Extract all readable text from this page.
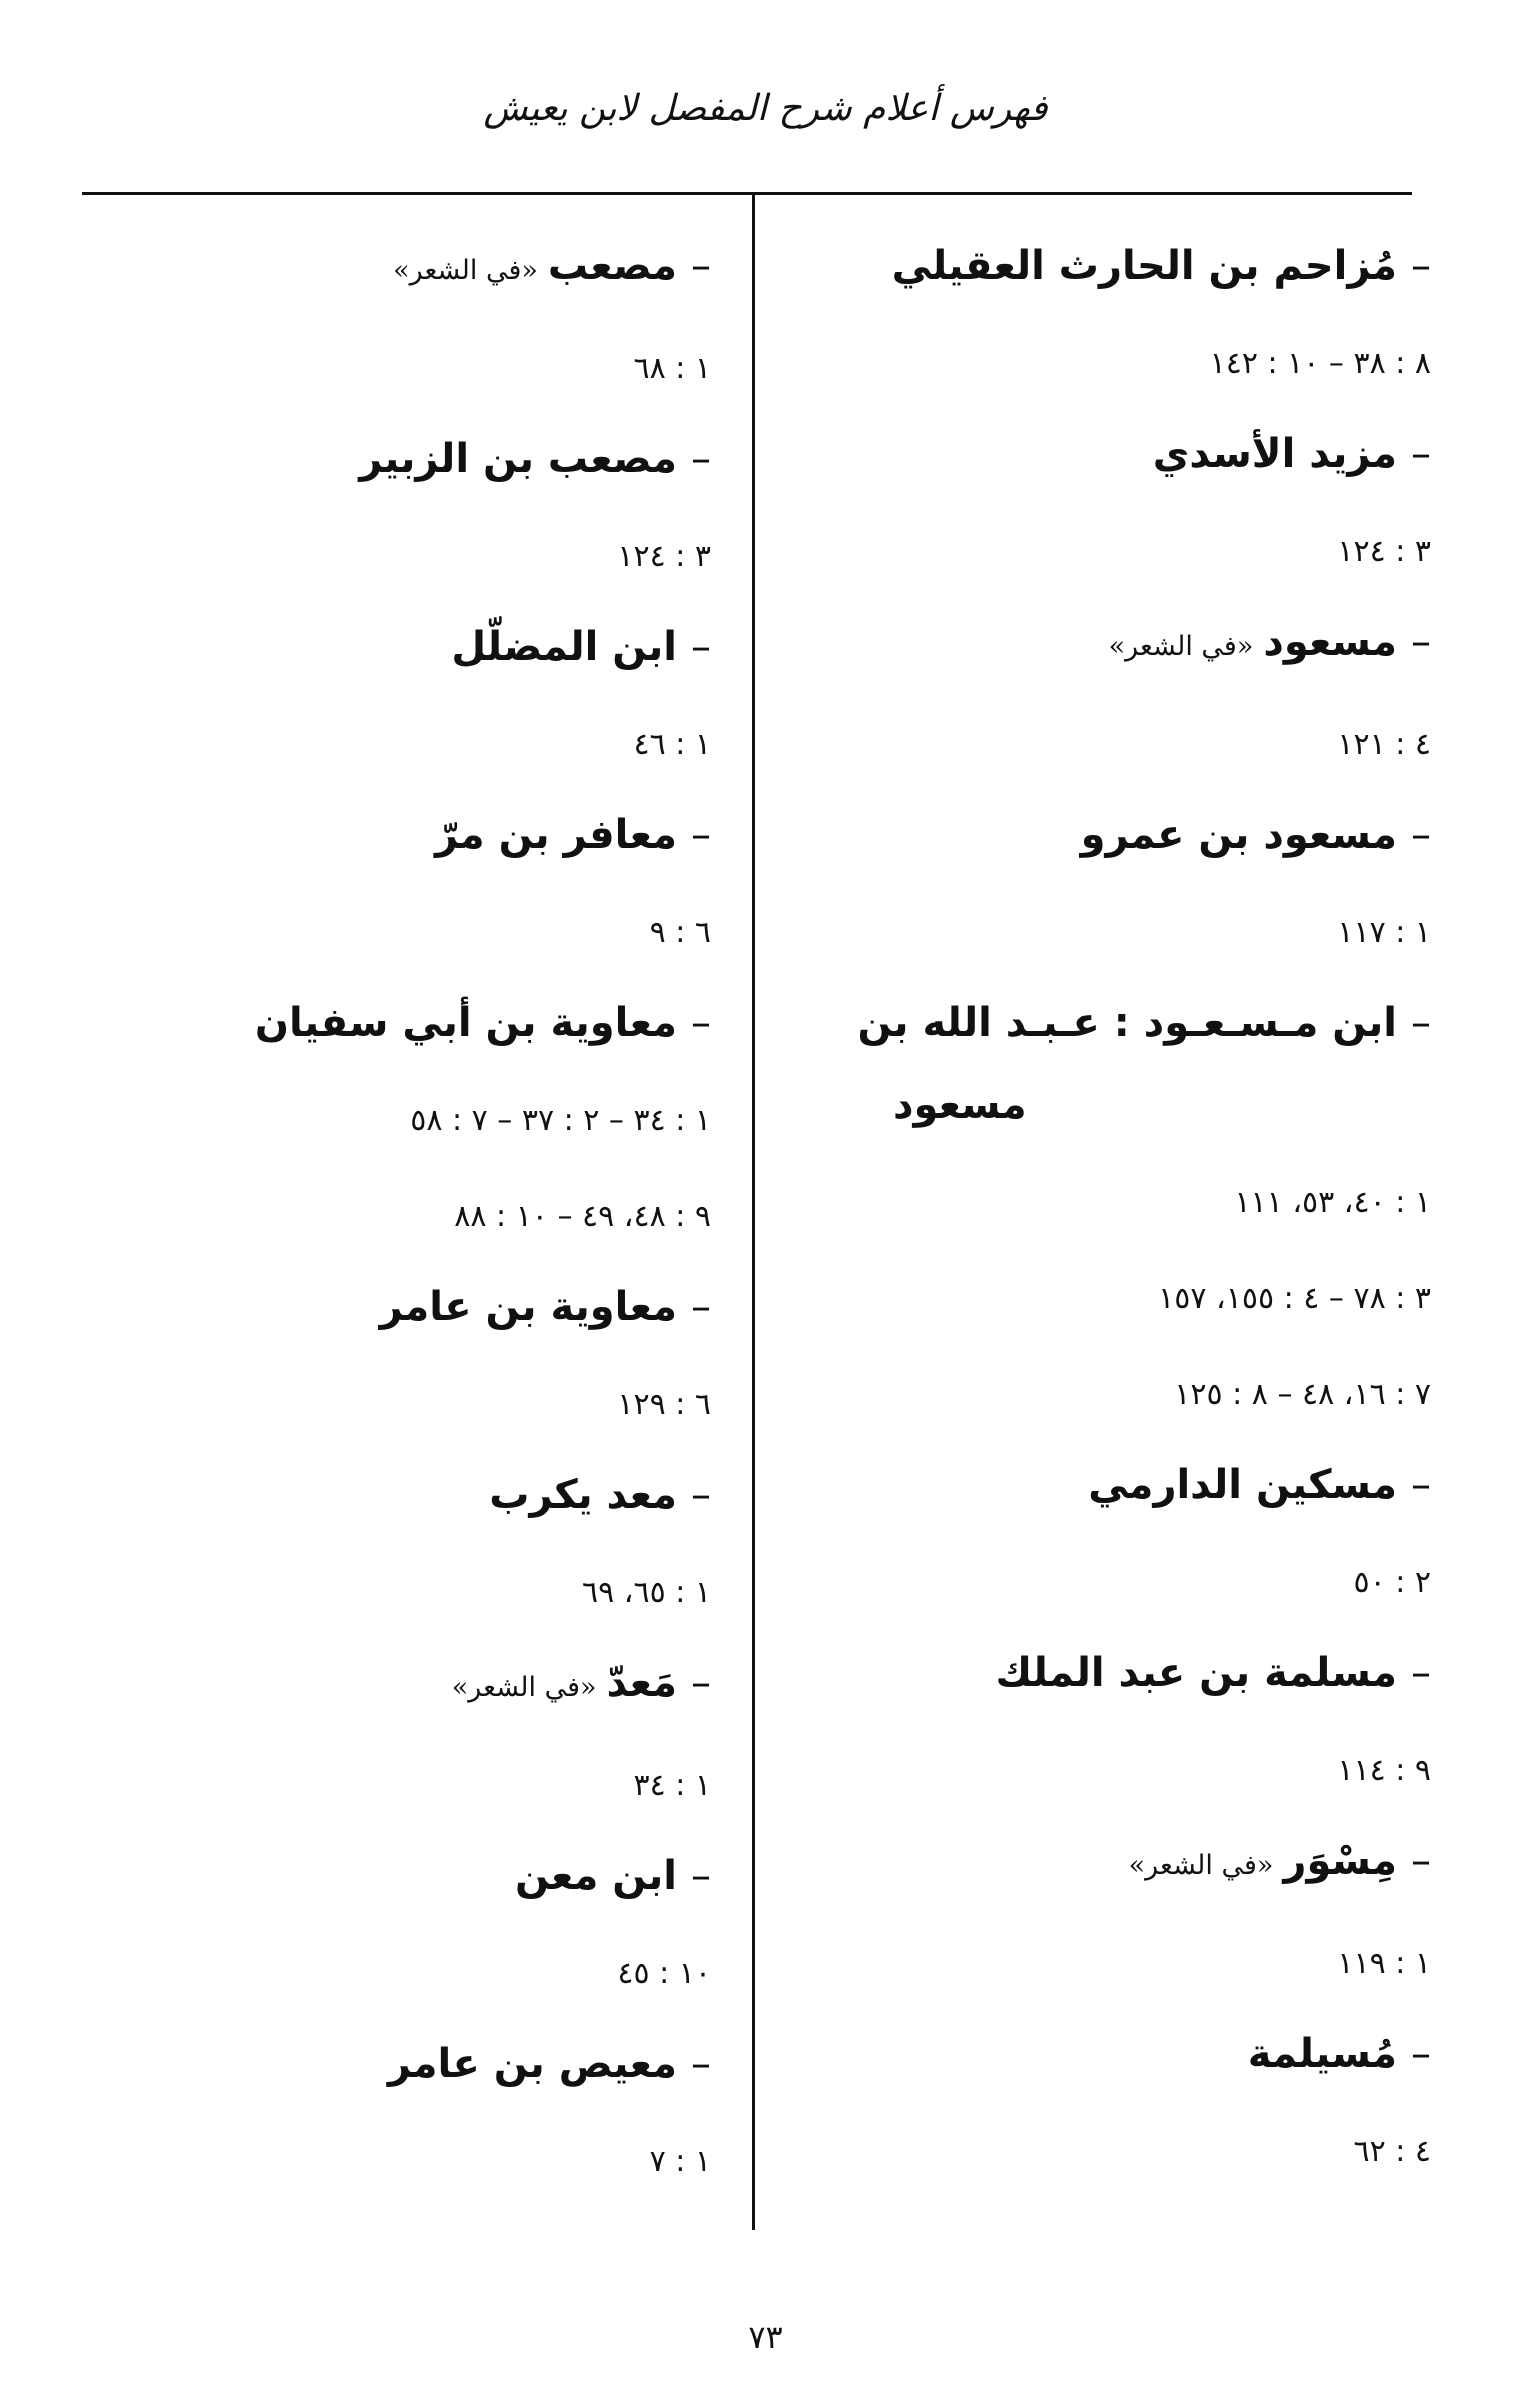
فهرس أعلام شرح المفصل لابن يعيش
–مُزاحم بن الحارث العقيلي
٨ : ٣٨ – ١٠ : ١٤٢
–مزيد الأسدي
٣ : ١٢٤
–مسعود«في الشعر»
٤ : ١٢١
–مسعود بن عمرو
١ : ١١٧
–ابن مـسـعـود : عـبـد الله بن
مسعود
١ : ٤٠، ٥٣، ١١١
٣ : ٧٨ – ٤ : ١٥٥، ١٥٧
٧ : ١٦، ٤٨ – ٨ : ١٢٥
–مسكين الدارمي
٢ : ٥٠
–مسلمة بن عبد الملك
٩ : ١١٤
–مِسْوَر«في الشعر»
١ : ١١٩
–مُسيلمة
٤ : ٦٢
–مصعب«في الشعر»
١ : ٦٨
–مصعب بن الزبير
٣ : ١٢٤
–ابن المضلّل
١ : ٤٦
–معافر بن مرّ
٦ : ٩
–معاوية بن أبي سفيان
١ : ٣٤ – ٢ : ٣٧ – ٧ : ٥٨
٩ : ٤٨، ٤٩ – ١٠ : ٨٨
–معاوية بن عامر
٦ : ١٢٩
–معد يكرب
١ : ٦٥، ٦٩
–مَعدّ«في الشعر»
١ : ٣٤
–ابن معن
١٠ : ٤٥
–معيص بن عامر
١ : ٧
٧٣
